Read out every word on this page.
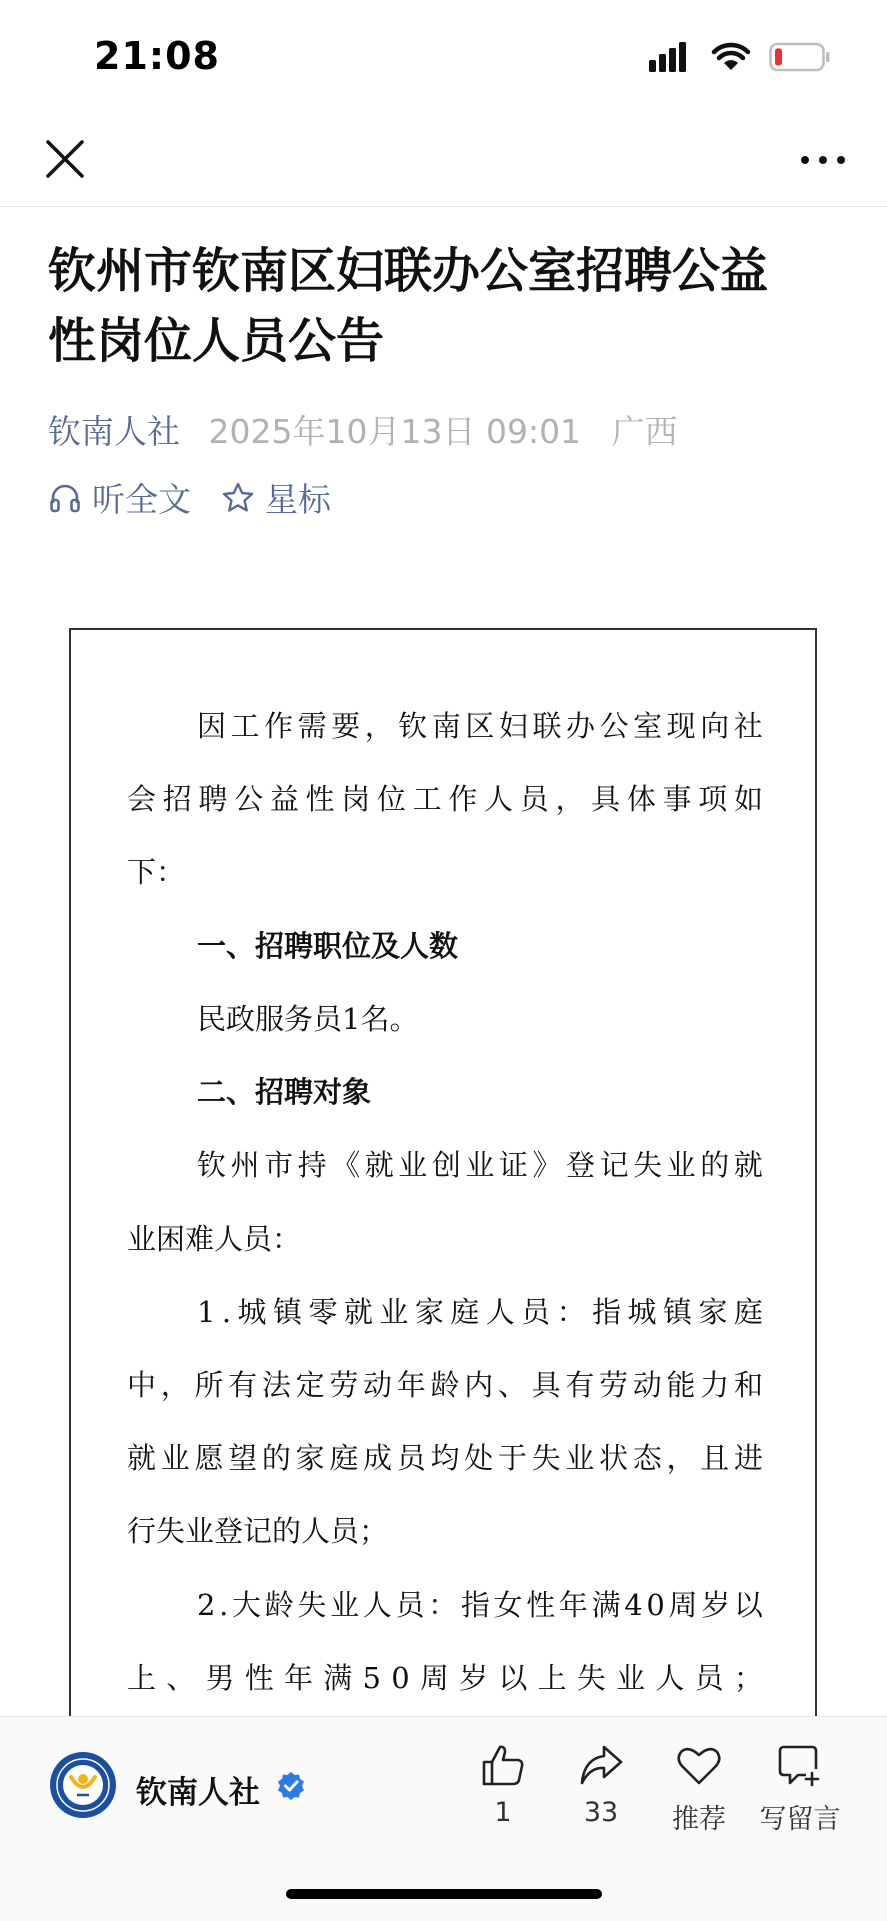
21:08
钦州市钦南区妇联办公室招聘公益
性岗位人员公告
钦南人社 2025年10月13日 09:01 广西
听全文 星标
因 工 作 需 要 ， 钦 南 区 妇 联 办 公 室 现 向 社
会 招 聘 公 益 性 岗 位 工 作 人 员 ， 具 体 事 项 如
下：
一、招聘职位及人数
民政服务员1名。
二、招聘对象
钦 州 市 持 《 就 业 创 业 证 》 登 记 失 业 的 就
业困难人员：
1 . 城 镇 零 就 业 家 庭 人 员 ： 指 城 镇 家 庭
中 ， 所 有 法 定 劳 动 年 龄 内 、 具 有 劳 动 能 力 和
就 业 愿 望 的 家 庭 成 员 均 处 于 失 业 状 态 ， 且 进
行失业登记的人员；
2 . 大 龄 失 业 人 员 ： 指 女 性 年 满 4 0 周 岁 以
上 、 男 性 年 满 5 0 周 岁 以 上 失 业 人 员 ；
钦南人社
1	33	推荐	写留言
